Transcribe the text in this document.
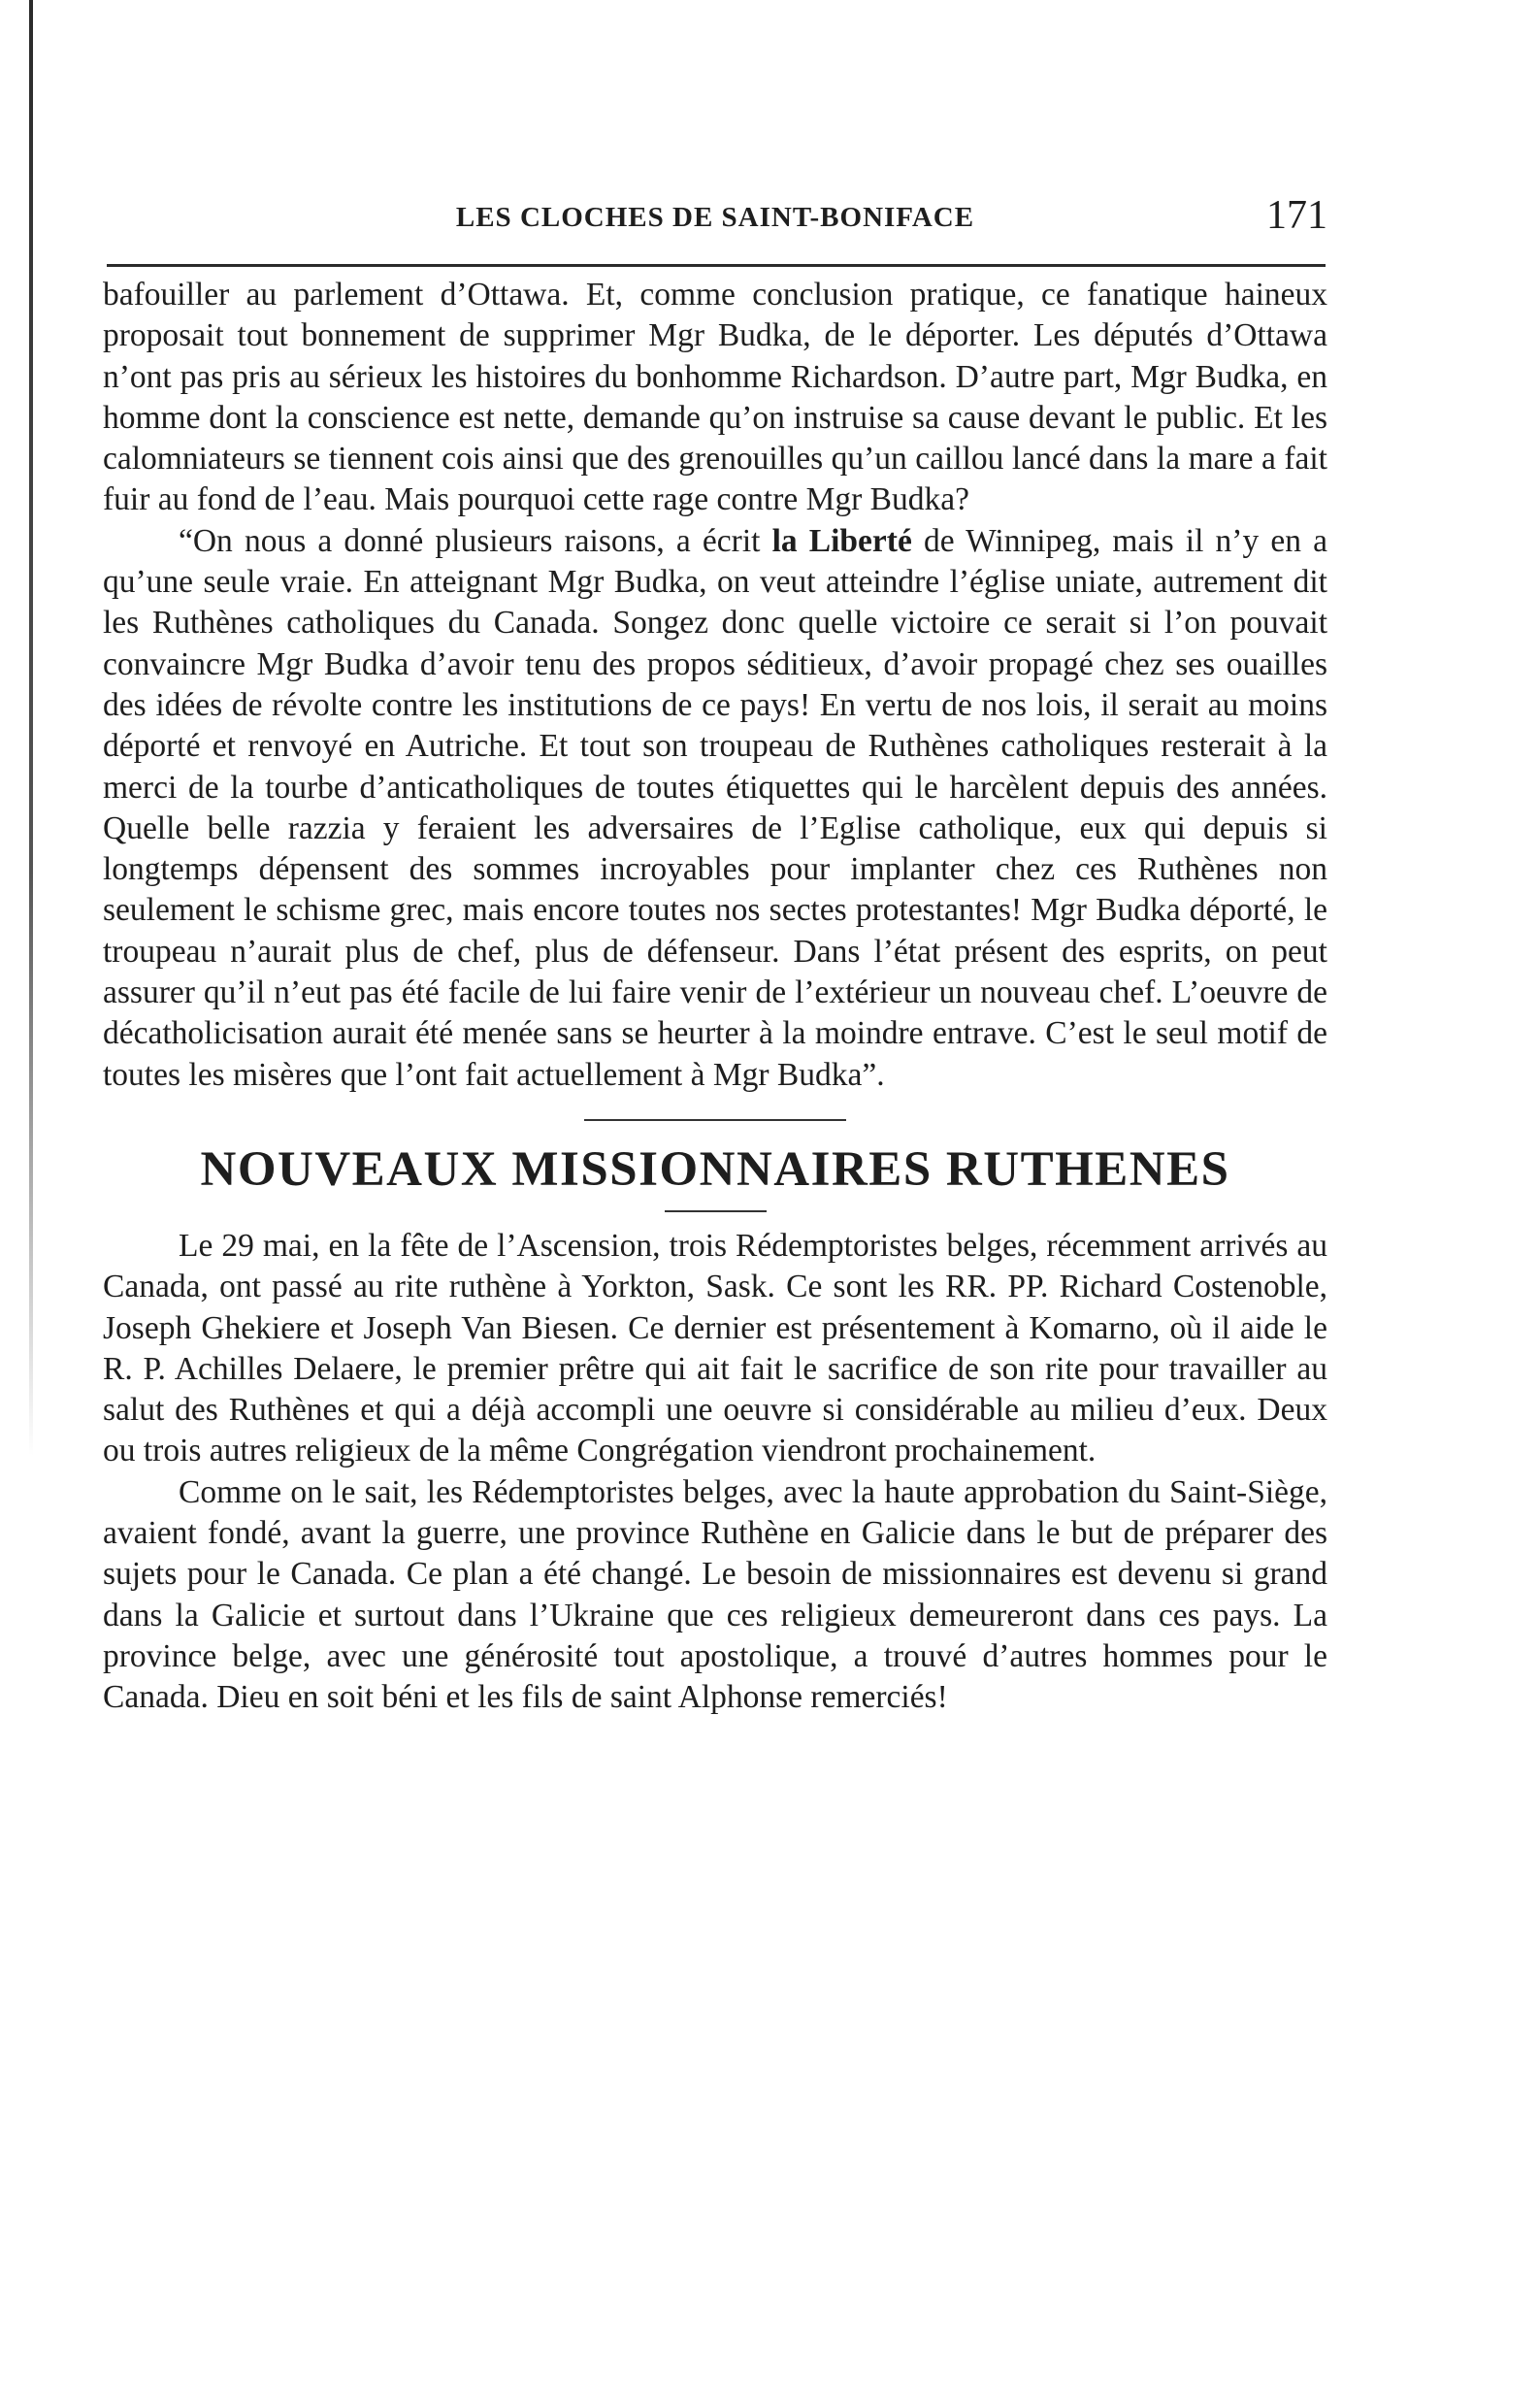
LES CLOCHES DE SAINT-BONIFACE	171

bafouiller au parlement d’Ottawa. Et, comme conclusion pratique, ce fanatique haineux proposait tout bonnement de supprimer Mgr Budka, de le déporter. Les députés d’Ottawa n’ont pas pris au sérieux les histoires du bonhomme Richardson. D’autre part, Mgr Budka, en homme dont la conscience est nette, demande qu’on instruise sa cause devant le public. Et les calomniateurs se tiennent cois ainsi que des grenouilles qu’un caillou lancé dans la mare a fait fuir au fond de l’eau. Mais pourquoi cette rage contre Mgr Budka?

“On nous a donné plusieurs raisons, a écrit la Liberté de Winnipeg, mais il n’y en a qu’une seule vraie. En atteignant Mgr Budka, on veut atteindre l’église uniate, autrement dit les Ruthènes catholiques du Canada. Songez donc quelle victoire ce serait si l’on pouvait convaincre Mgr Budka d’avoir tenu des propos séditieux, d’avoir propagé chez ses ouailles des idées de révolte contre les institutions de ce pays! En vertu de nos lois, il serait au moins déporté et renvoyé en Autriche. Et tout son troupeau de Ruthènes catholiques resterait à la merci de la tourbe d’anticatholiques de toutes étiquettes qui le harcèlent depuis des années. Quelle belle razzia y feraient les adversaires de l’Eglise catholique, eux qui depuis si longtemps dépensent des sommes incroyables pour implanter chez ces Ruthènes non seulement le schisme grec, mais encore toutes nos sectes protestantes! Mgr Budka déporté, le troupeau n’aurait plus de chef, plus de défenseur. Dans l’état présent des esprits, on peut assurer qu’il n’eut pas été facile de lui faire venir de l’extérieur un nouveau chef. L’oeuvre de décatholicisation aurait été menée sans se heurter à la moindre entrave. C’est le seul motif de toutes les misères que l’ont fait actuellement à Mgr Budka”.

NOUVEAUX MISSIONNAIRES RUTHENES

Le 29 mai, en la fête de l’Ascension, trois Rédemptoristes belges, récemment arrivés au Canada, ont passé au rite ruthène à Yorkton, Sask. Ce sont les RR. PP. Richard Costenoble, Joseph Ghekiere et Joseph Van Biesen. Ce dernier est présentement à Komarno, où il aide le R. P. Achilles Delaere, le premier prêtre qui ait fait le sacrifice de son rite pour travailler au salut des Ruthènes et qui a déjà accompli une oeuvre si considérable au milieu d’eux. Deux ou trois autres religieux de la même Congrégation viendront prochainement.

Comme on le sait, les Rédemptoristes belges, avec la haute approbation du Saint-Siège, avaient fondé, avant la guerre, une province Ruthène en Galicie dans le but de préparer des sujets pour le Canada. Ce plan a été changé. Le besoin de missionnaires est devenu si grand dans la Galicie et surtout dans l’Ukraine que ces religieux demeureront dans ces pays. La province belge, avec une générosité tout apostolique, a trouvé d’autres hommes pour le Canada. Dieu en soit béni et les fils de saint Alphonse remerciés!
